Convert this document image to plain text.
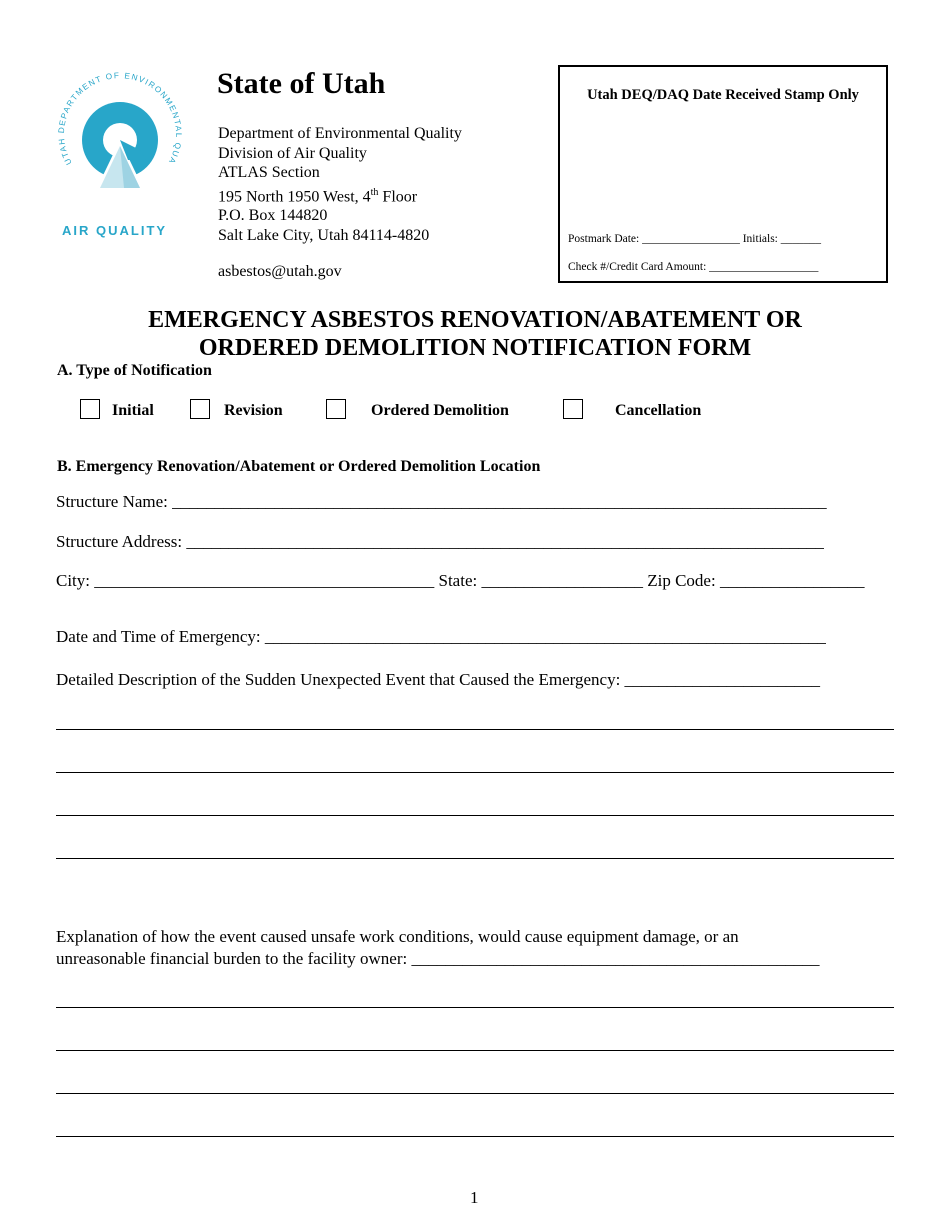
UTAH DEPARTMENT OF ENVIRONMENTAL QUA
AIR QUALITY
State of Utah
Department of Environmental Quality
Division of Air Quality
ATLAS Section
195 North 1950 West, 4th Floor
P.O. Box 144820
Salt Lake City, Utah 84114-4820
asbestos@utah.gov
Utah DEQ/DAQ Date Received Stamp Only
Postmark Date: _________________ Initials: _______
Check #/Credit Card Amount: ___________________
EMERGENCY ASBESTOS RENOVATION/ABATEMENT OR
ORDERED DEMOLITION NOTIFICATION FORM
A. Type of Notification
Initial	Revision	Ordered Demolition	Cancellation
B. Emergency Renovation/Abatement or Ordered Demolition Location
Structure Name: _____________________________________________________________________________
Structure Address: ___________________________________________________________________________
City: ________________________________________ State: ___________________ Zip Code: _________________
Date and Time of Emergency: __________________________________________________________________
Detailed Description of the Sudden Unexpected Event that Caused the Emergency: _______________________
Explanation of how the event caused unsafe work conditions, would cause equipment damage, or an
unreasonable financial burden to the facility owner: ________________________________________________
1
